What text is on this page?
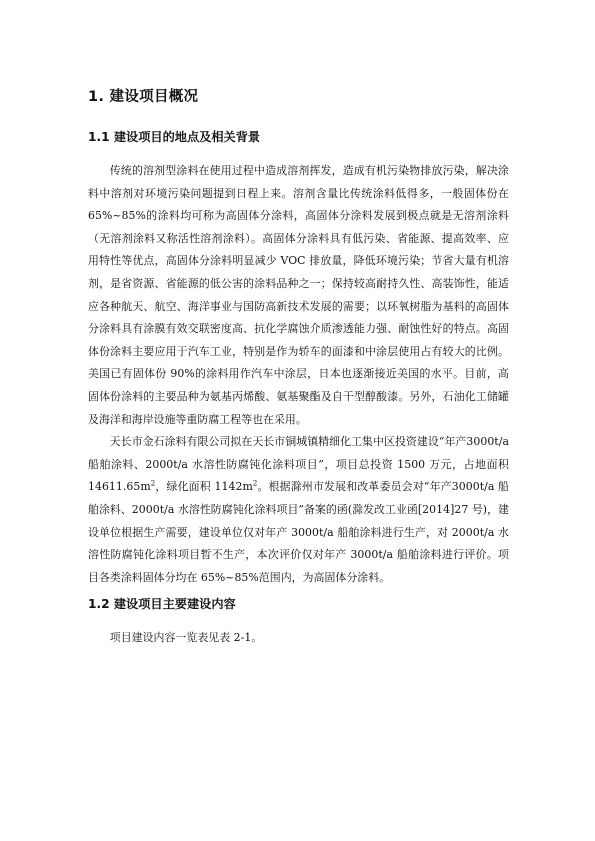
1. 建设项目概况
1.1 建设项目的地点及相关背景

传统的溶剂型涂料在使用过程中造成溶剂挥发，造成有机污染物排放污染，解决涂料中溶剂对环境污染问题提到日程上来。溶剂含量比传统涂料低得多，一般固体份在 65%~85%的涂料均可称为高固体分涂料，高固体分涂料发展到极点就是无溶剂涂料（无溶剂涂料又称活性溶剂涂料）。高固体分涂料具有低污染、省能源、提高效率、应用特性等优点，高固体分涂料明显减少 VOC 排放量，降低环境污染；节省大量有机溶剂，是省资源、省能源的低公害的涂料品种之一；保持较高耐持久性、高装饰性，能适应各种航天、航空、海洋事业与国防高新技术发展的需要；以环氧树脂为基料的高固体分涂料具有涂膜有效交联密度高、抗化学腐蚀介质渗透能力强、耐蚀性好的特点。高固体份涂料主要应用于汽车工业，特别是作为轿车的面漆和中涂层使用占有较大的比例。美国已有固体份 90%的涂料用作汽车中涂层，日本也逐渐接近美国的水平。目前，高固体份涂料的主要品种为氨基丙烯酸、氨基聚酯及自干型醇酸漆。另外，石油化工储罐及海洋和海岸设施等重防腐工程等也在采用。

天长市金石涂料有限公司拟在天长市铜城镇精细化工集中区投资建设“年产3000t/a 船舶涂料、2000t/a 水溶性防腐钝化涂料项目”，项目总投资 1500 万元，占地面积 $14611.65m^2$，绿化面积 $1142m^2$。根据滁州市发展和改革委员会对“年产3000t/a 船舶涂料、2000t/a 水溶性防腐钝化涂料项目”备案的函(滁发改工业函[2014]27 号)，建设单位根据生产需要，建设单位仅对年产 3000t/a 船舶涂料进行生产，对 2000t/a 水溶性防腐钝化涂料项目暂不生产，本次评价仅对年产 3000t/a 船舶涂料进行评价。项目各类涂料固体分均在 65%~85%范围内，为高固体分涂料。

1.2 建设项目主要建设内容

项目建设内容一览表见表 2-1。
